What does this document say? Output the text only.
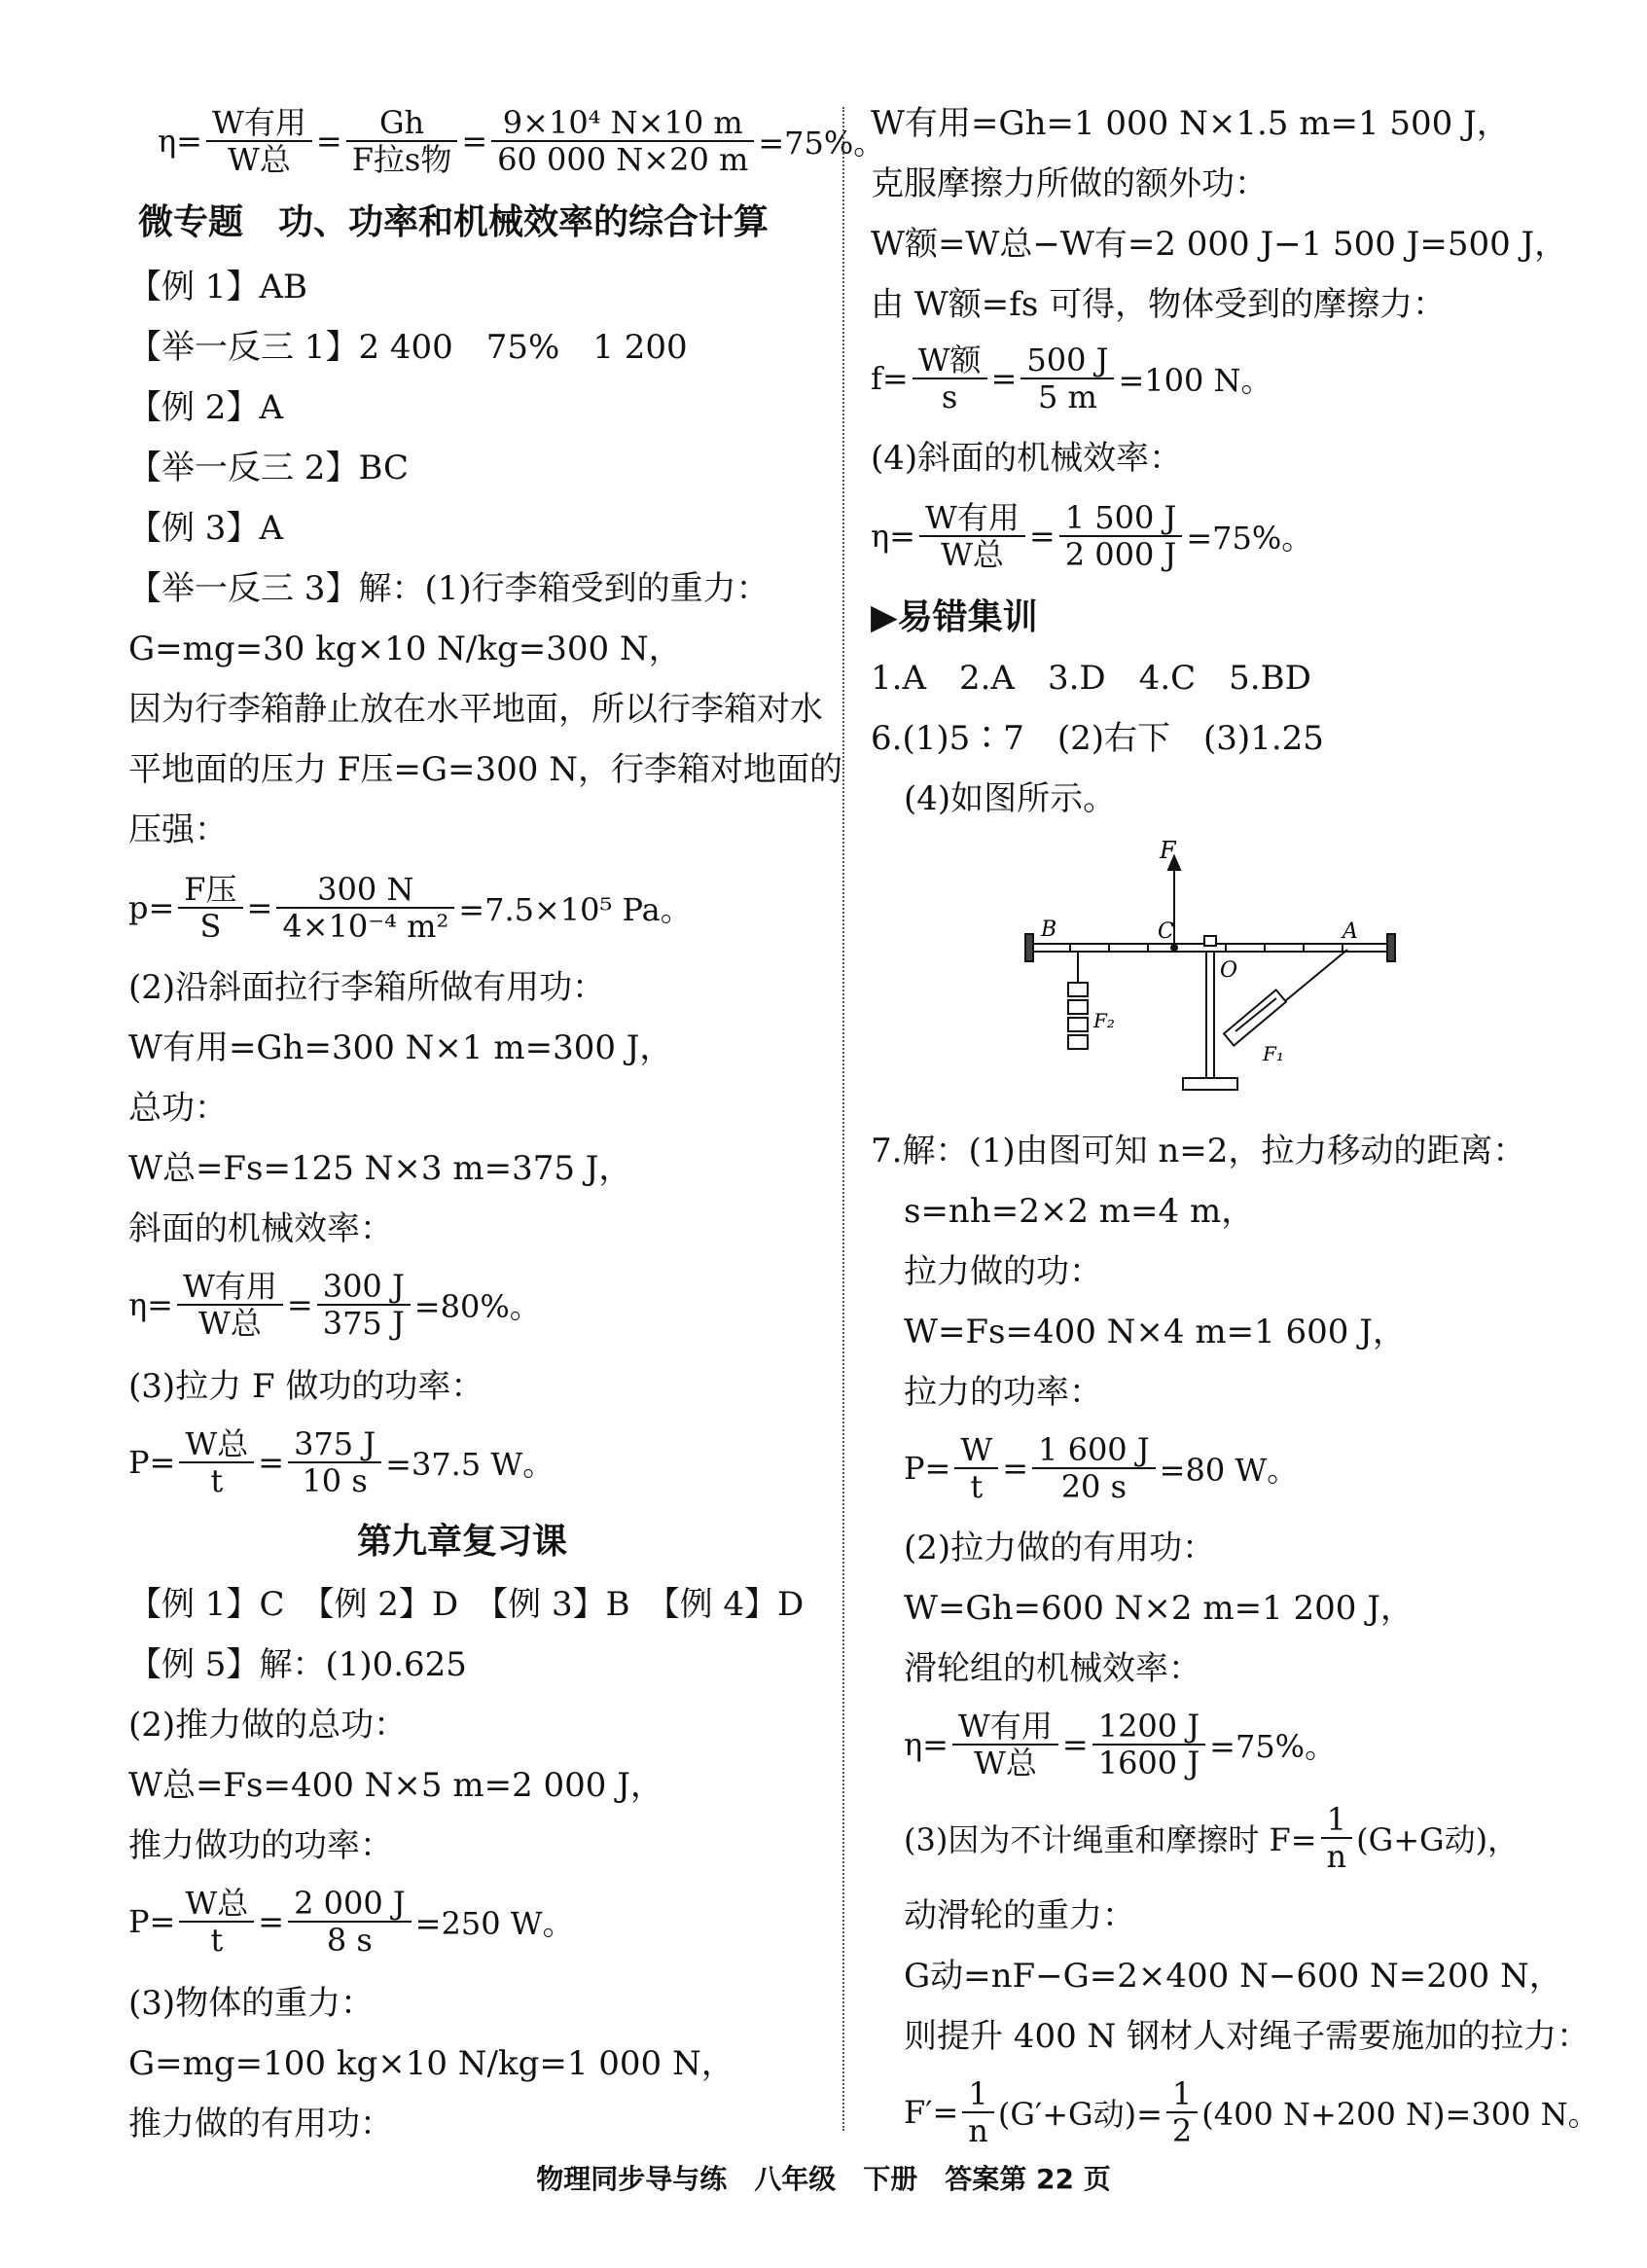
$\eta= \frac{\text{W有用}}{\text{W总}} = \frac{Gh}{\text{F拉s物}} = \frac{\text{9×10⁴ N×10 m}}{60 000 N\times 20 m} =75\%$。
微专题　功、功率和机械效率的综合计算
【例 1】AB
【举一反三 1】2 400　75%　1 200
【例 2】A
【举一反三 2】BC
【例 3】A
【举一反三 3】解：(1)行李箱受到的重力：
G=mg=30 kg×10 N/kg=300 N，
因为行李箱静止放在水平地面，所以行李箱对水
平地面的压力 F压=G=300 N，行李箱对地面的
压强：
$p= \frac{\text{F压}}{S} = \frac{300 N}{\text{4×10⁻⁴ m²}} =7.5\times 10^5$ Pa。
(2)沿斜面拉行李箱所做有用功：
W有用=Gh=300 N×1 m=300 J，
总功：
W总=Fs=125 N×3 m=375 J，
斜面的机械效率：
$\eta= \frac{\text{W有用}}{\text{W总}} = \frac{300 J}{375 J} =80\%$。
(3)拉力 F 做功的功率：
$P= \frac{\text{W总}}{t} = \frac{375 J}{10 s} =37.5$ W。
第九章复习课
【例 1】C　【例 2】D　【例 3】B　【例 4】D
【例 5】解：(1)0.625
(2)推力做的总功：
W总=Fs=400 N×5 m=2 000 J，
推力做功的功率：
$P= \frac{\text{W总}}{t} = \frac{2 000 J}{8 s} =250$ W。
(3)物体的重力：
G=mg=100 kg×10 N/kg=1 000 N，
推力做的有用功：
W有用=Gh=1 000 N×1.5 m=1 500 J，
克服摩擦力所做的额外功：
W额=W总−W有=2 000 J−1 500 J=500 J，
由 W额=fs 可得，物体受到的摩擦力：
$f= \frac{\text{W额}}{s} = \frac{500 J}{5 m} =100$ N。
(4)斜面的机械效率：
$\eta= \frac{\text{W有用}}{\text{W总}} = \frac{1 500 J}{2 000 J} =75\%$。
▶易错集训
1.A　2.A　3.D　4.C　5.BD
6.(1)5∶7　(2)右下　(3)1.25
(4)如图所示。
7.解：(1)由图可知 n=2，拉力移动的距离：
s=nh=2×2 m=4 m，
拉力做的功：
W=Fs=400 N×4 m=1 600 J，
拉力的功率：
$P= \frac{W}{t} = \frac{1 600 J}{20 s} =80$ W。
(2)拉力做的有用功：
W=Gh=600 N×2 m=1 200 J，
滑轮组的机械效率：
$\eta= \frac{\text{W有用}}{\text{W总}} = \frac{1200 J}{1600 J} =75\%$。
(3)因为不计绳重和摩擦时 $F= \frac{1}{n} (G+G$动)，
动滑轮的重力：
G动=nF−G=2×400 N−600 N=200 N，
则提升 400 N 钢材人对绳子需要施加的拉力：
$F'= \frac{1}{n} (G'+G$动)= $\frac{1}{2} (400$ N+200 N)=300 N。
F
B	C	A
O
F₂
F₁
物理同步导与练　八年级　下册　答案第 22 页
